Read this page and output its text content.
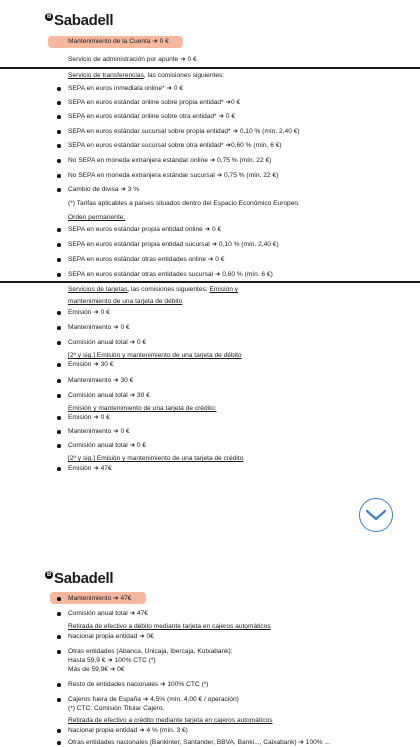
B Sabadell
Mantenimiento de la Cuenta ➜ 0 €
Servicio de administración por apunte ➜ 0 €
Servicio de transferencias, las comisiones siguientes:
SEPA en euros inmediata online* ➜ 0 €
SEPA en euros estándar online sobre propia entidad* ➜0 €
SEPA en euros estándar online sobre otra entidad* ➜ 0 €
SEPA en euros estándar sucursal sobre propia entidad* ➜ 0,10 % (mín. 2,40 €)
SEPA en euros estándar sucursal sobre otra entidad* ➜0,60 % (mín. 6 €)
No SEPA en moneda extranjera estándar online ➜ 0,75 % (mín. 22 €)
No SEPA en moneda extranjera estándar sucursal ➜ 0,75 % (mín. 22 €)
Cambio de divisa ➜ 3 %
(*) Tarifas aplicables a países situados dentro del Espacio Económico Europeo.
Orden permanente:
SEPA en euros estándar propia entidad online ➜ 0 €
SEPA en euros estándar propia entidad sucursal ➜ 0,10 % (mín. 2,40 €)
SEPA en euros estándar otras entidades online ➜ 0 €
SEPA en euros estándar otras entidades sucursal ➜ 0,60 % (mín. 6 €)
Servicios de tarjetas, las comisiones siguientes: Emisión y
mantenimiento de una tarjeta de débito
Emisión ➜ 0 €
Mantenimiento ➜ 0 €
Comisión anual total ➜ 0 €
[2º y sig.] Emisión y mantenimiento de una tarjeta de débito
Emisión ➜ 30 €
Mantenimiento ➜ 30 €
Comisión anual total ➜ 30 €
Emisión y mantenimiento de una tarjeta de crédito:
Emisión ➜ 0 €
Mantenimiento ➜ 0 €
Comisión anual total ➜ 0 €
[2º y sig.] Emisión y mantenimiento de una tarjeta de crédito
Emisión ➜ 47€
B Sabadell
Mantenimiento ➜ 47€
Comisión anual total ➜ 47€
Retirada de efectivo a débito mediante tarjeta en cajeros automáticos
Nacional propia entidad ➜ 0€
Otras entidades (Abanca, Unicaja, Ibercaja, Kutxabank):
Hasta 59,9 € ➜ 100% CTC (*)
Más de 59,9€ ➜ 0€
Resto de entidades nacionales ➜ 100% CTC (*)
Cajeros fuera de España ➜ 4,5% (mín. 4,00 € / operación)
(*) CTC: Comisión Titular Cajero.
Retirada de efectivo a crédito mediante tarjeta en cajeros automáticos
Nacional propia entidad ➜ 4 % (mín. 3 €)
Otras entidades nacionales (Bankinter, Santander, BBVA, Banki..., Caixabank) ➜ 100% ...
